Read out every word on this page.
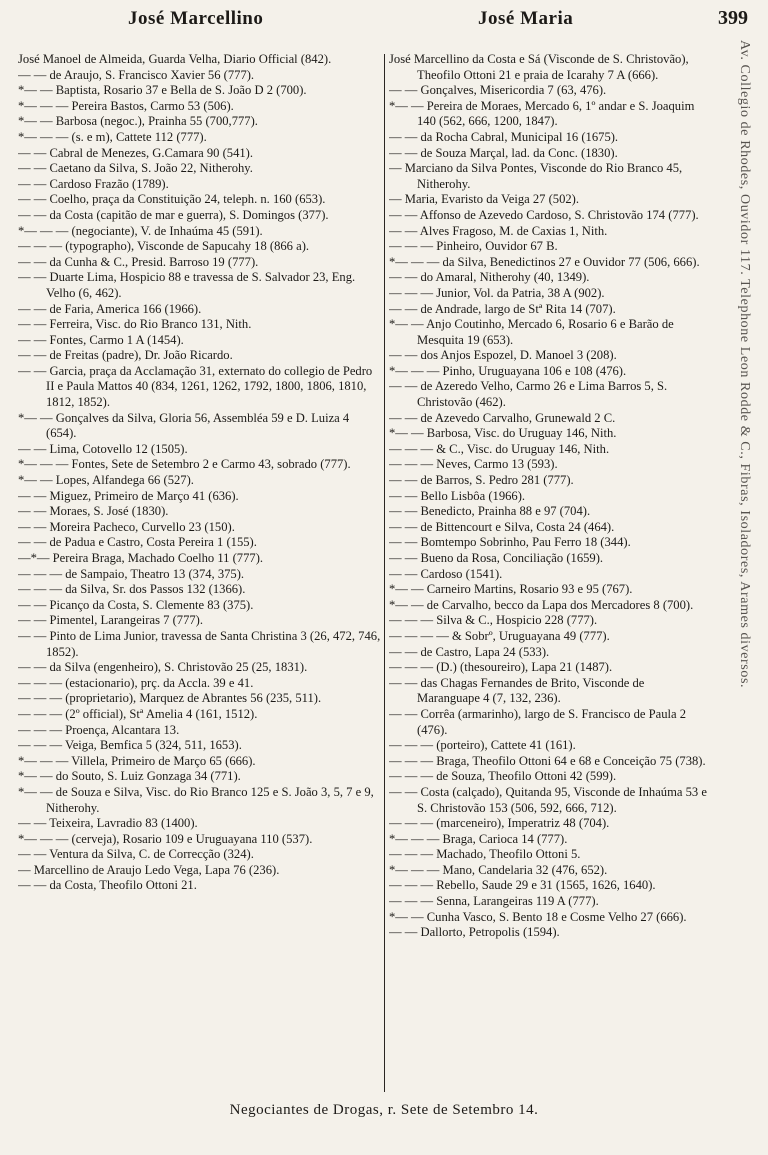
José Marcellino	José Maria	399

José Manoel de Almeida, Guarda Velha, Diario Official (842).

— — de Araujo, S. Francisco Xavier 56 (777).

*— — Baptista, Rosario 37 e Bella de S. João D 2 (700).

*— — — Pereira Bastos, Carmo 53 (506).

*— — Barbosa (negoc.), Prainha 55 (700,777).

*— — — (s. e m), Cattete 112 (777).

— — Cabral de Menezes, G.Camara 90 (541).

— — Caetano da Silva, S. João 22, Nitherohy.

— — Cardoso Frazão (1789).

— — Coelho, praça da Constituição 24, teleph. n. 160 (653).

— — da Costa (capitão de mar e guerra), S. Domingos (377).

*— — — (negociante), V. de Inhaúma 45 (591).

— — — (typographo), Visconde de Sapucahy 18 (866 a).

— — da Cunha & C., Presid. Barroso 19 (777).

— — Duarte Lima, Hospicio 88 e travessa de S. Salvador 23, Eng. Velho (6, 462).

— — de Faria, America 166 (1966).

— — Ferreira, Visc. do Rio Branco 131, Nith.

— — Fontes, Carmo 1 A (1454).

— — de Freitas (padre), Dr. João Ricardo.

— — Garcia, praça da Acclamação 31, externato do collegio de Pedro II e Paula Mattos 40 (834, 1261, 1262, 1792, 1800, 1806, 1810, 1812, 1852).

*— — Gonçalves da Silva, Gloria 56, Assembléa 59 e D. Luiza 4 (654).

— — Lima, Cotovello 12 (1505).

*— — — Fontes, Sete de Setembro 2 e Carmo 43, sobrado (777).

*— — Lopes, Alfandega 66 (527).

— — Miguez, Primeiro de Março 41 (636).

— — Moraes, S. José (1830).

— — Moreira Pacheco, Curvello 23 (150).

— — de Padua e Castro, Costa Pereira 1 (155).

—*— Pereira Braga, Machado Coelho 11 (777).

— — — de Sampaio, Theatro 13 (374, 375).

— — — da Silva, Sr. dos Passos 132 (1366).

— — Picanço da Costa, S. Clemente 83 (375).

— — Pimentel, Larangeiras 7 (777).

— — Pinto de Lima Junior, travessa de Santa Christina 3 (26, 472, 746, 1852).

— — da Silva (engenheiro), S. Christovão 25 (25, 1831).

— — — (estacionario), prç. da Accla. 39 e 41.

— — — (proprietario), Marquez de Abrantes 56 (235, 511).

— — — (2º official), Stª Amelia 4 (161, 1512).

— — — Proença, Alcantara 13.

— — — Veiga, Bemfica 5 (324, 511, 1653).

*— — — Villela, Primeiro de Março 65 (666).

*— — do Souto, S. Luiz Gonzaga 34 (771).

*— — de Souza e Silva, Visc. do Rio Branco 125 e S. João 3, 5, 7 e 9, Nitherohy.

— — Teixeira, Lavradio 83 (1400).

*— — — (cerveja), Rosario 109 e Uruguayana 110 (537).

— — Ventura da Silva, C. de Correcção (324).

— Marcellino de Araujo Ledo Vega, Lapa 76 (236).

— — da Costa, Theofilo Ottoni 21.

José Marcellino da Costa e Sá (Visconde de S. Christovão), Theofilo Ottoni 21 e praia de Icarahy 7 A (666).

— — Gonçalves, Misericordia 7 (63, 476).

*— — Pereira de Moraes, Mercado 6, 1º andar e S. Joaquim 140 (562, 666, 1200, 1847).

— — da Rocha Cabral, Municipal 16 (1675).

— — de Souza Marçal, lad. da Conc. (1830).

— Marciano da Silva Pontes, Visconde do Rio Branco 45, Nitherohy.

— Maria, Evaristo da Veiga 27 (502).

— — Affonso de Azevedo Cardoso, S. Christovão 174 (777).

— — Alves Fragoso, M. de Caxias 1, Nith.

— — — Pinheiro, Ouvidor 67 B.

*— — — da Silva, Benedictinos 27 e Ouvidor 77 (506, 666).

— — do Amaral, Nitherohy (40, 1349).

— — — Junior, Vol. da Patria, 38 A (902).

— — de Andrade, largo de Stª Rita 14 (707).

*— — Anjo Coutinho, Mercado 6, Rosario 6 e Barão de Mesquita 19 (653).

— — dos Anjos Espozel, D. Manoel 3 (208).

*— — — Pinho, Uruguayana 106 e 108 (476).

— — de Azeredo Velho, Carmo 26 e Lima Barros 5, S. Christovão (462).

— — de Azevedo Carvalho, Grunewald 2 C.

*— — Barbosa, Visc. do Uruguay 146, Nith.

— — — & C., Visc. do Uruguay 146, Nith.

— — — Neves, Carmo 13 (593).

— — de Barros, S. Pedro 281 (777).

— — Bello Lisbôa (1966).

— — Benedicto, Prainha 88 e 97 (704).

— — de Bittencourt e Silva, Costa 24 (464).

— — Bomtempo Sobrinho, Pau Ferro 18 (344).

— — Bueno da Rosa, Conciliação (1659).

— — Cardoso (1541).

*— — Carneiro Martins, Rosario 93 e 95 (767).

*— — de Carvalho, becco da Lapa dos Mercadores 8 (700).

— — — Silva & C., Hospicio 228 (777).

— — — — & Sobrº, Uruguayana 49 (777).

— — de Castro, Lapa 24 (533).

— — — (D.) (thesoureiro), Lapa 21 (1487).

— — das Chagas Fernandes de Brito, Visconde de Maranguape 4 (7, 132, 236).

— — Corrêa (armarinho), largo de S. Francisco de Paula 2 (476).

— — — (porteiro), Cattete 41 (161).

— — — Braga, Theofilo Ottoni 64 e 68 e Conceição 75 (738).

— — — de Souza, Theofilo Ottoni 42 (599).

— — Costa (calçado), Quitanda 95, Visconde de Inhaúma 53 e S. Christovão 153 (506, 592, 666, 712).

— — — (marceneiro), Imperatriz 48 (704).

*— — — Braga, Carioca 14 (777).

— — — Machado, Theofilo Ottoni 5.

*— — — Mano, Candelaria 32 (476, 652).

— — — Rebello, Saude 29 e 31 (1565, 1626, 1640).

— — — Senna, Larangeiras 119 A (777).

*— — Cunha Vasco, S. Bento 18 e Cosme Velho 27 (666).

— — Dallorto, Petropolis (1594).

Av. Collegio de Rhodes, Ouvidor 117. Telephone Leon Rodde & C., Fibras, Isoladores, Arames diversos.
Negociantes de Drogas, r. Sete de Setembro 14.
